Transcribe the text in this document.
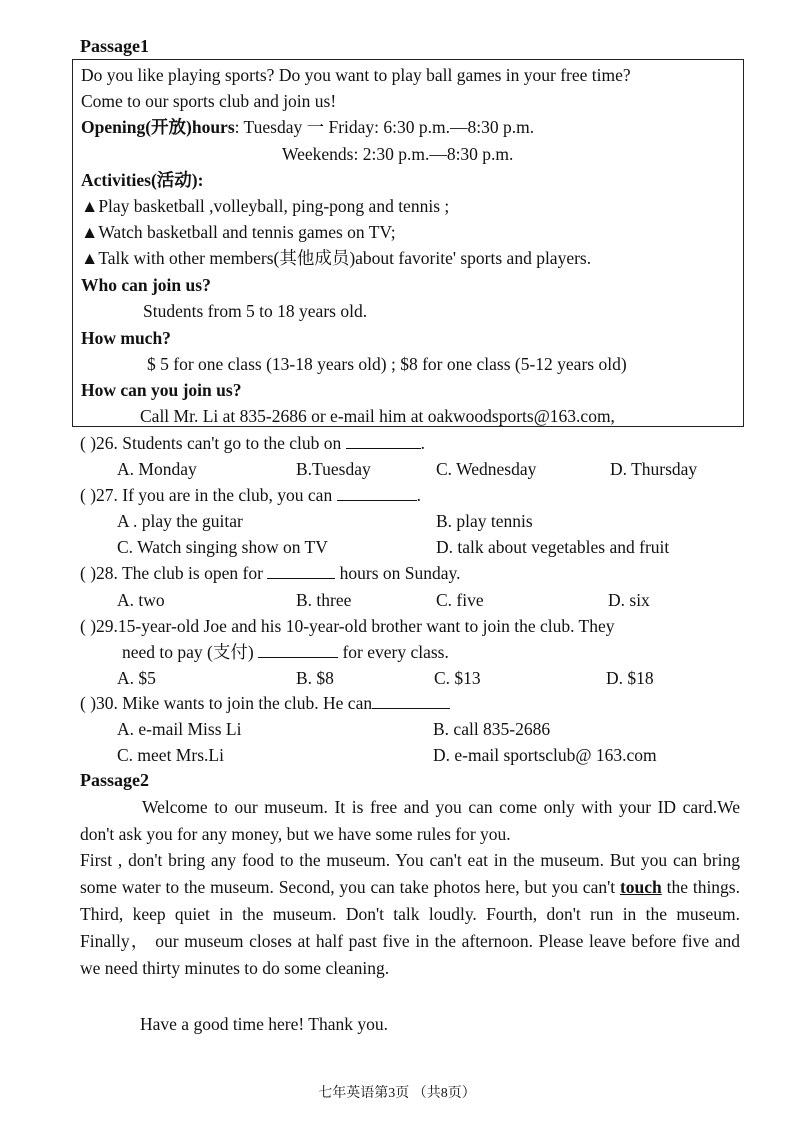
Passage1
Do you like playing sports? Do you want to play ball games in your free time?
Come to our sports club and join us!
Opening(开放)hours: Tuesday 一 Friday: 6:30 p.m.—8:30 p.m.
Weekends: 2:30 p.m.—8:30 p.m.
Activities(活动):
▲Play basketball ,volleyball, ping-pong and tennis ;
▲Watch basketball and tennis games on TV;
▲Talk with other members(其他成员)about favorite' sports and players.
Who can join us?
Students from 5 to 18 years old.
How much?
$ 5 for one class (13-18 years old) ; $8 for one class (5-12 years old)
How can you join us?
Call Mr. Li at 835-2686 or e-mail him at oakwoodsports@163.com,
( )26. Students can't go to the club on	.
A. Monday	B.Tuesday	C. Wednesday	D. Thursday
( )27. If you are in the club, you can	.
A . play the guitar	B. play tennis
C. Watch singing show on TV	D. talk about vegetables and fruit
( )28. The club is open for	hours on Sunday.
A. two	B. three	C. five	D. six
( )29.15-year-old Joe and his 10-year-old brother want to join the club. They
need to pay (支付)	for every class.
A. $5	B. $8	C. $13	D. $18
( )30. Mike wants to join the club. He can
A. e-mail Miss Li	B. call 835-2686
C. meet Mrs.Li	D. e-mail sportsclub@ 163.com
Passage2
Welcome to our museum. It is free and you can come only with your ID card.We don't ask you for any money, but we have some rules for you.
First , don't bring any food to the museum. You can't eat in the museum. But you can bring some water to the museum. Second, you can take photos here, but you can't touch the things. Third, keep quiet in the museum. Don't talk loudly. Fourth, don't run in the museum. Finally， our museum closes at half past five in the afternoon. Please leave before five and we need thirty minutes to do some cleaning.
Have a good time here! Thank you.
七年英语第3页 （共8页）
